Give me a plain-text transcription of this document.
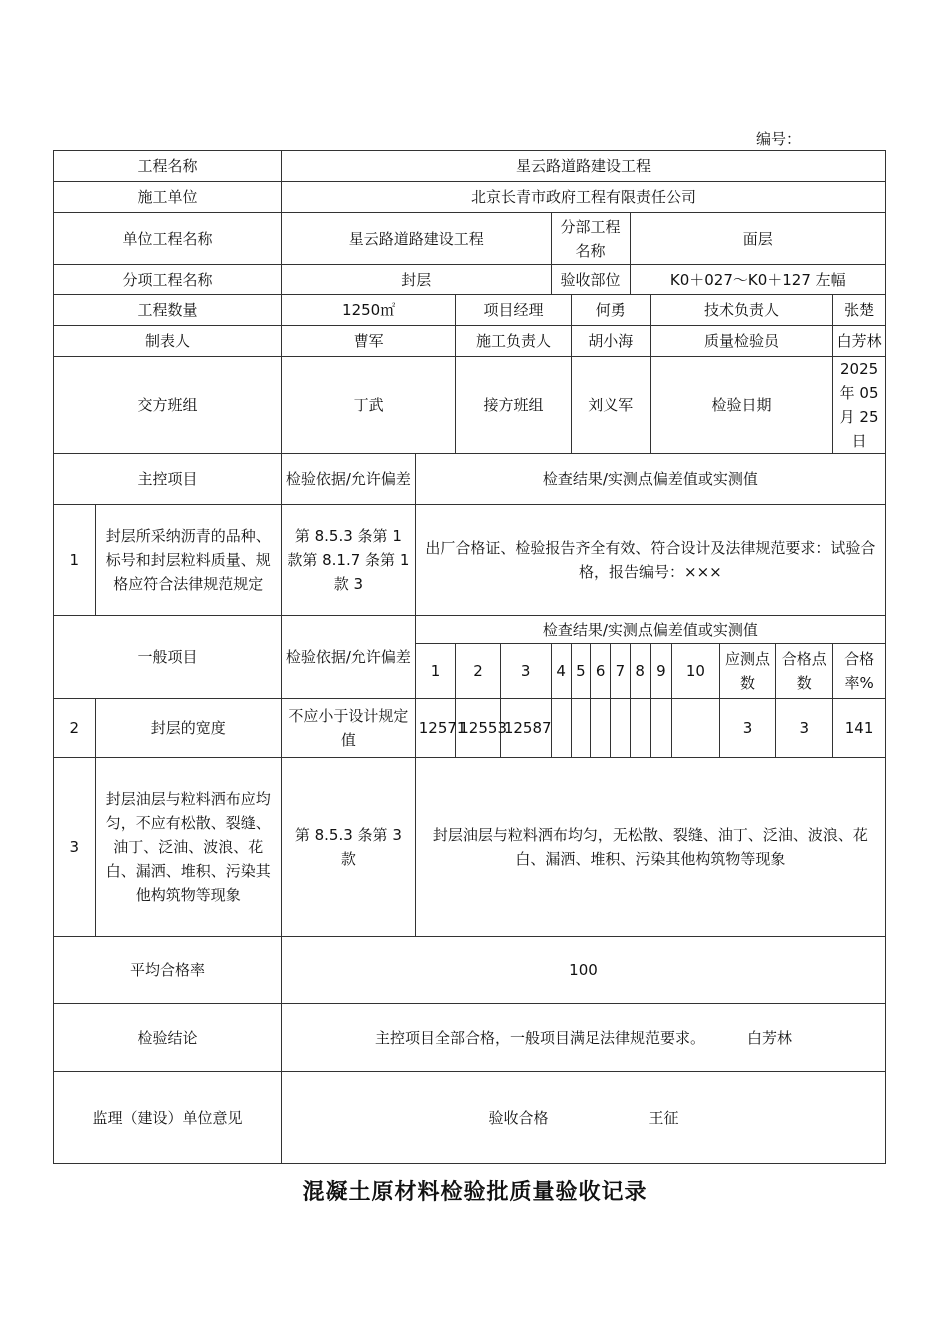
编号：
工程名称		星云路道路建设工程													
施工单位		北京长青市政府工程有限责任公司													
单位工程名称		星云路道路建设工程				分部工程名称				面层					
分项工程名称		封层				验收部位				K0＋027～K0＋127 左幅					
工程数量		1250㎡		项目经理			何勇				技术负责人				张楚
制表人		曹军		施工负责人			胡小海				质量检验员				白芳林
交方班组		丁武		接方班组			刘义军				检验日期				2025 年 05 月 25 日
主控项目		检验依据/允许偏差	检查结果/实测点偏差值或实测值												
1	封层所采纳沥青的品种、标号和封层粒料质量、规格应符合法律规范规定	第 8.5.3 条第 1 款第 8.1.7 条第 1 款 3	出厂合格证、检验报告齐全有效、符合设计及法律规范要求：试验合格，报告编号：×××												
一般项目		检验依据/允许偏差	检查结果/实测点偏差值或实测值												
			1	2	3	4	5	6	7	8	9	10	应测点数	合格点数	合格率%
2	封层的宽度	不应小于设计规定值	12571	12553	12587								3	3	141
3	封层油层与粒料洒布应均匀，不应有松散、裂缝、油丁、泛油、波浪、花白、漏洒、堆积、污染其他构筑物等现象	第 8.5.3 条第 3 款	封层油层与粒料洒布均匀，无松散、裂缝、油丁、泛油、波浪、花白、漏洒、堆积、污染其他构筑物等现象												
平均合格率		100													
检验结论		主控项目全部合格，一般项目满足法律规范要求。 白芳林													
监理（建设）单位意见		验收合格 王征													
混凝土原材料检验批质量验收记录
